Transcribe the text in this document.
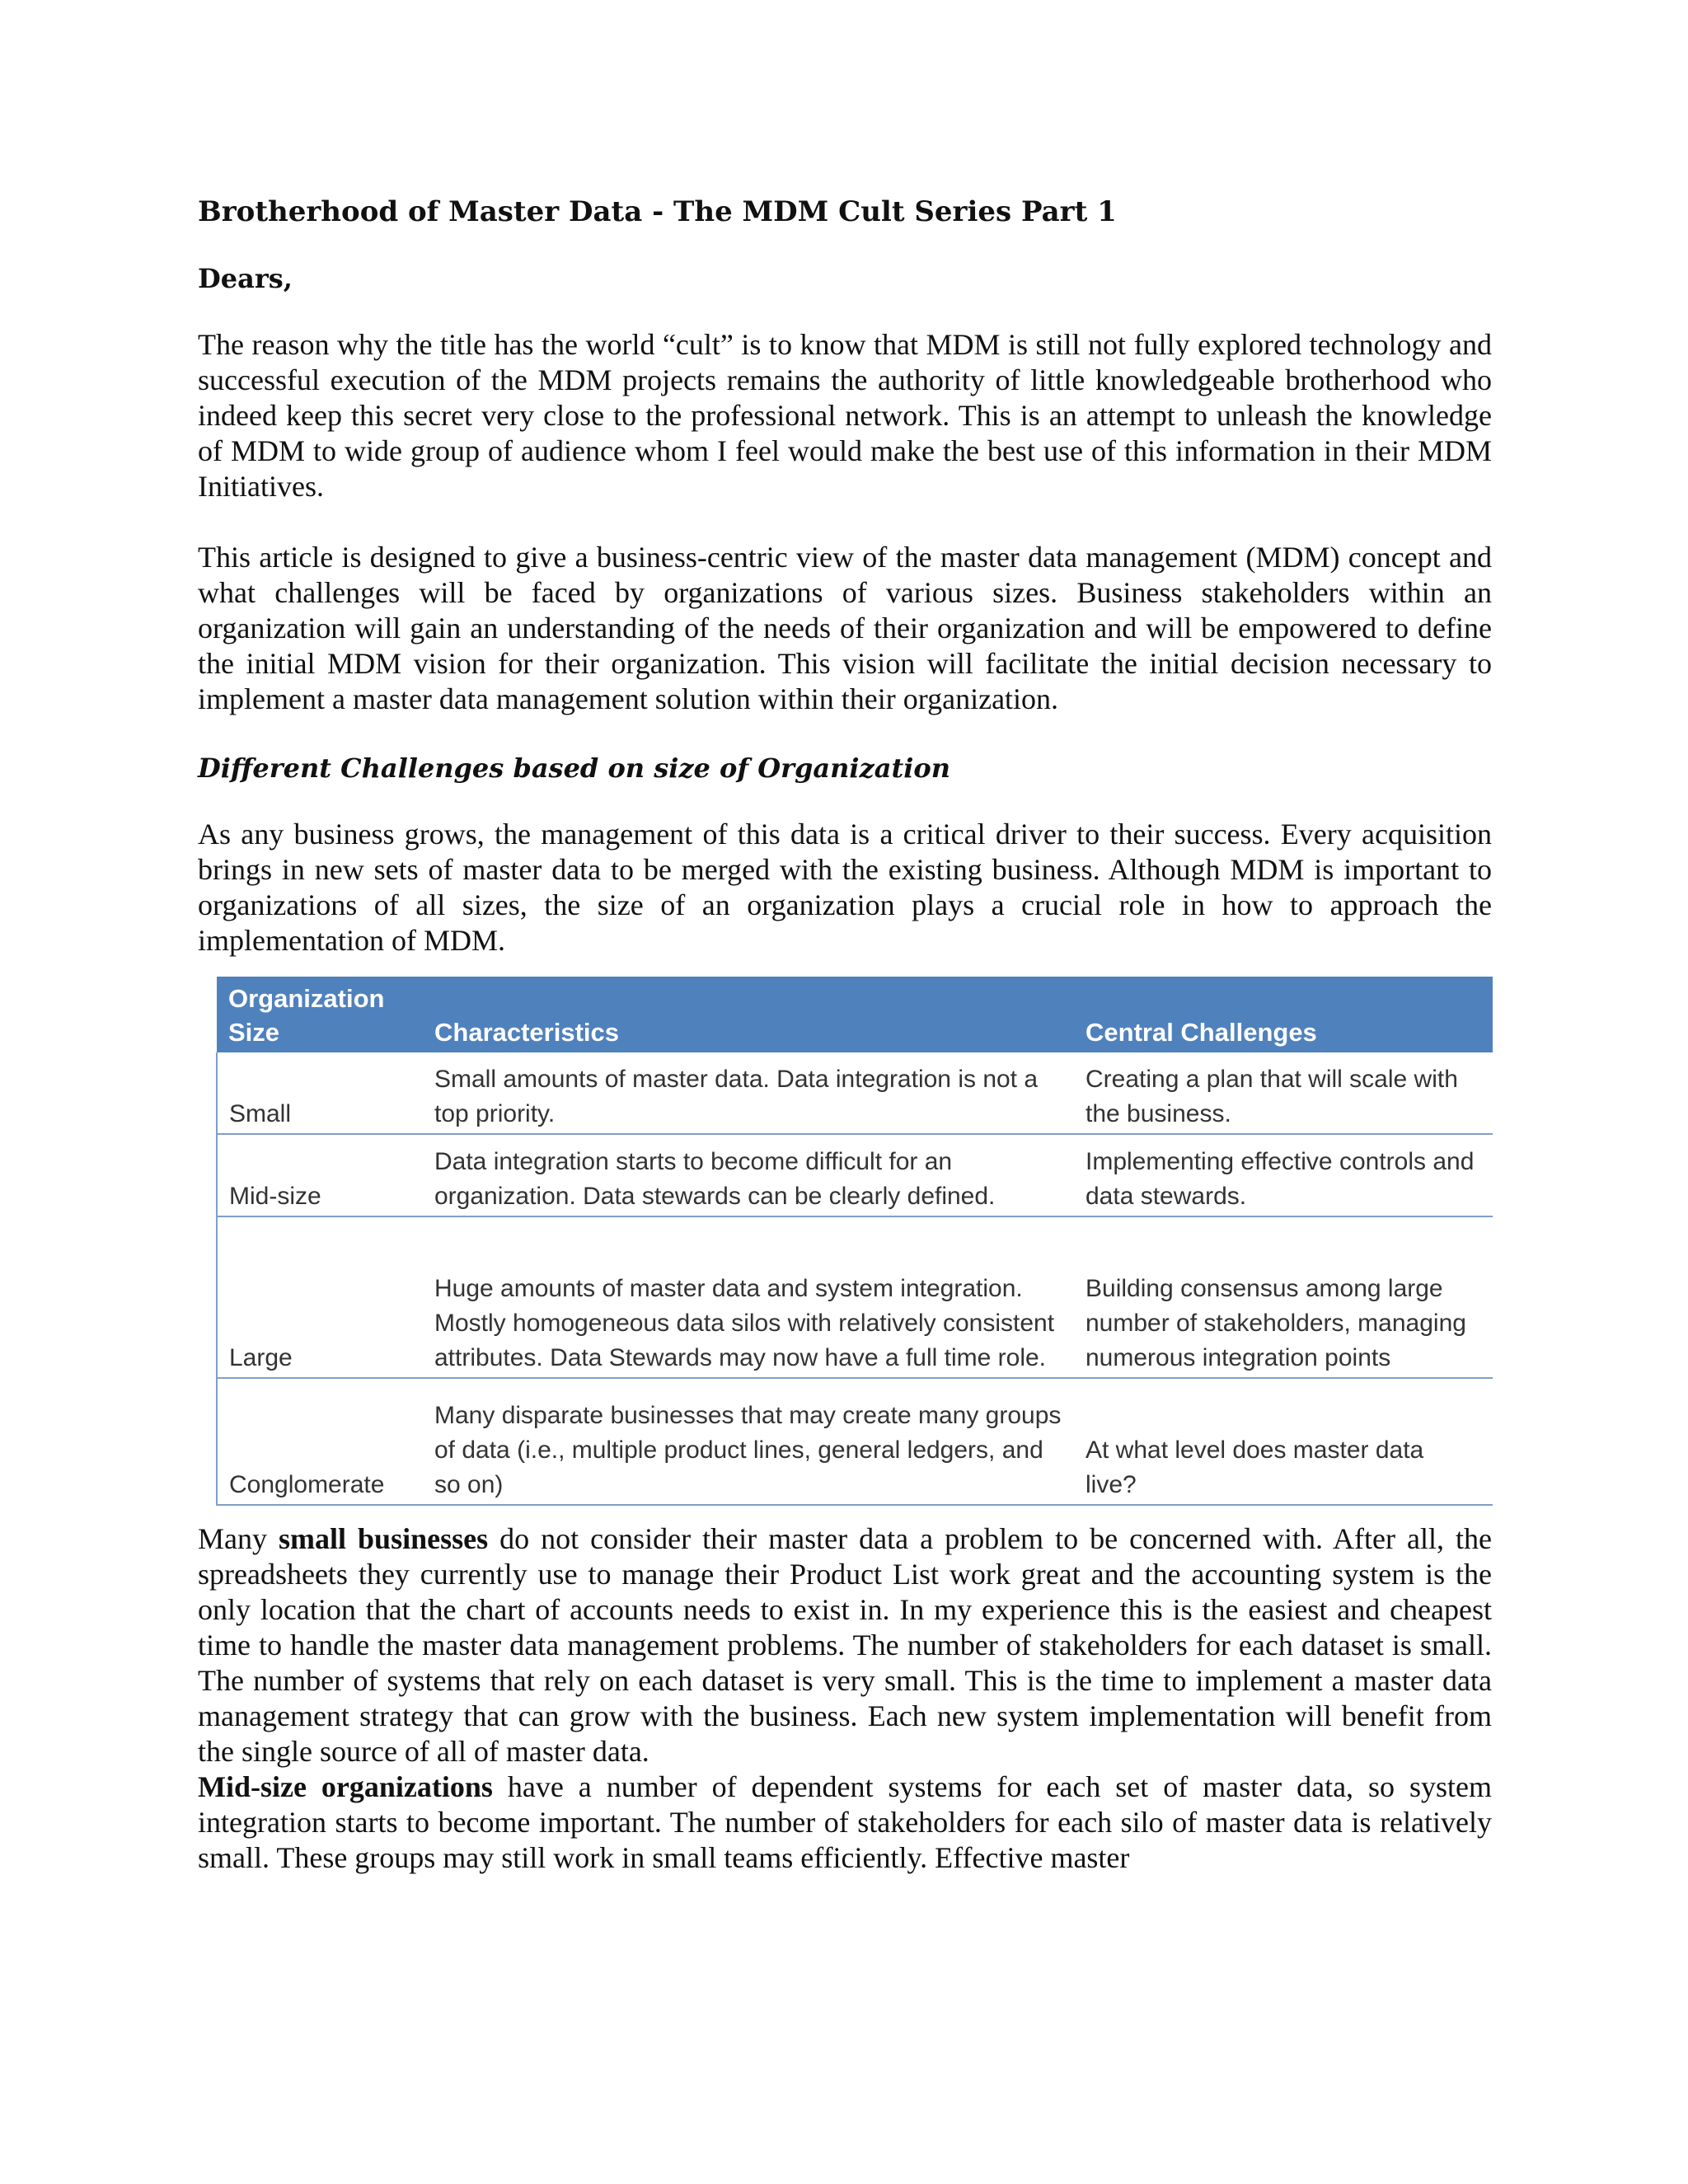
Brotherhood of Master Data - The MDM Cult Series Part 1
Dears,

The reason why the title has the world “cult” is to know that MDM is still not fully explored technology and successful execution of the MDM projects remains the authority of little knowledgeable brotherhood who indeed keep this secret very close to the professional network. This is an attempt to unleash the knowledge of MDM to wide group of audience whom I feel would make the best use of this information in their MDM Initiatives.

This article is designed to give a business-centric view of the master data management (MDM) concept and what challenges will be faced by organizations of various sizes. Business stakeholders within an organization will gain an understanding of the needs of their organization and will be empowered to define the initial MDM vision for their organization. This vision will facilitate the initial decision necessary to implement a master data management solution within their organization.

Different Challenges based on size of Organization

As any business grows, the management of this data is a critical driver to their success. Every acquisition brings in new sets of master data to be merged with the existing business. Although MDM is important to organizations of all sizes, the size of an organization plays a crucial role in how to approach the implementation of MDM.

Organization Size	Characteristics	Central Challenges
Small	Small amounts of master data. Data integration is not a top priority.	Creating a plan that will scale with the business.
Mid-size	Data integration starts to become difficult for an organization. Data stewards can be clearly defined.	Implementing effective controls and data stewards.
Large	Huge amounts of master data and system integration. Mostly homogeneous data silos with relatively consistent attributes. Data Stewards may now have a full time role.	Building consensus among large number of stakeholders, managing numerous integration points
Conglomerate	Many disparate businesses that may create many groups of data (i.e., multiple product lines, general ledgers, and so on)	At what level does master data live?

Many small businesses do not consider their master data a problem to be concerned with. After all, the spreadsheets they currently use to manage their Product List work great and the accounting system is the only location that the chart of accounts needs to exist in. In my experience this is the easiest and cheapest time to handle the master data management problems. The number of stakeholders for each dataset is small. The number of systems that rely on each dataset is very small. This is the time to implement a master data management strategy that can grow with the business. Each new system implementation will benefit from the single source of all of master data.

Mid-size organizations have a number of dependent systems for each set of master data, so system integration starts to become important. The number of stakeholders for each silo of master data is relatively small. These groups may still work in small teams efficiently. Effective master
